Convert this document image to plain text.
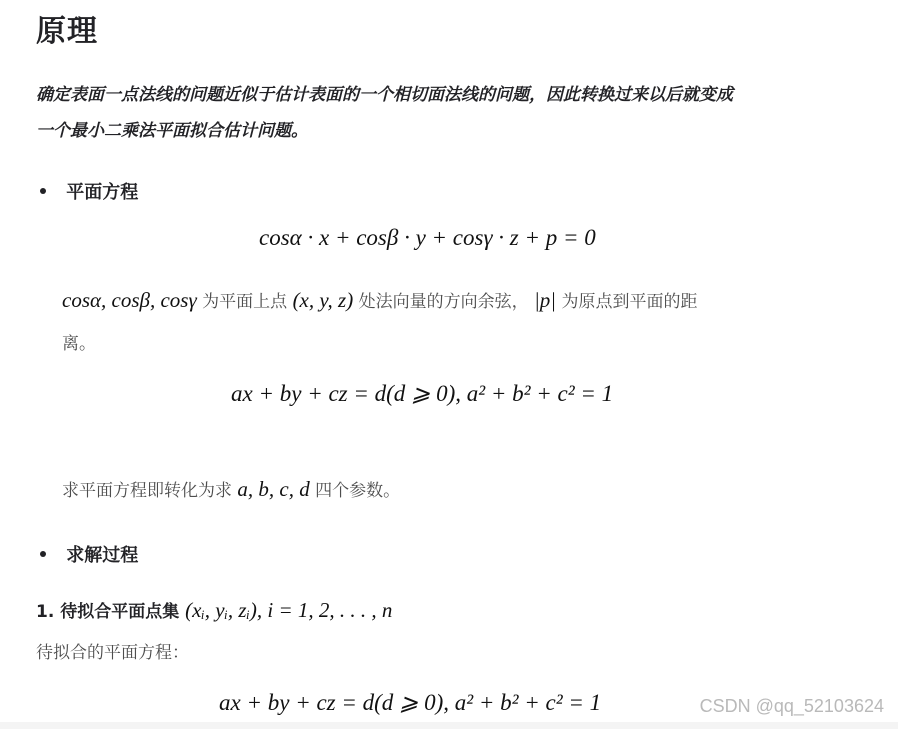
原理
确定表面一点法线的问题近似于估计表面的一个相切面法线的问题，因此转换过来以后就变成
一个最小二乘法平面拟合估计问题。
平面方程
cosα · x + cosβ · y + cosγ · z + p = 0
cosα, cosβ, cosγ 为平面上点 (x, y, z) 处法向量的方向余弦， |p| 为原点到平面的距
离。
ax + by + cz = d(d ⩾ 0), a² + b² + c² = 1
求平面方程即转化为求 a, b, c, d 四个参数。
求解过程
1. 待拟合平面点集 (xᵢ, yᵢ, zᵢ), i = 1, 2, . . . , n
待拟合的平面方程：
ax + by + cz = d(d ⩾ 0), a² + b² + c² = 1	CSDN @qq_52103624
